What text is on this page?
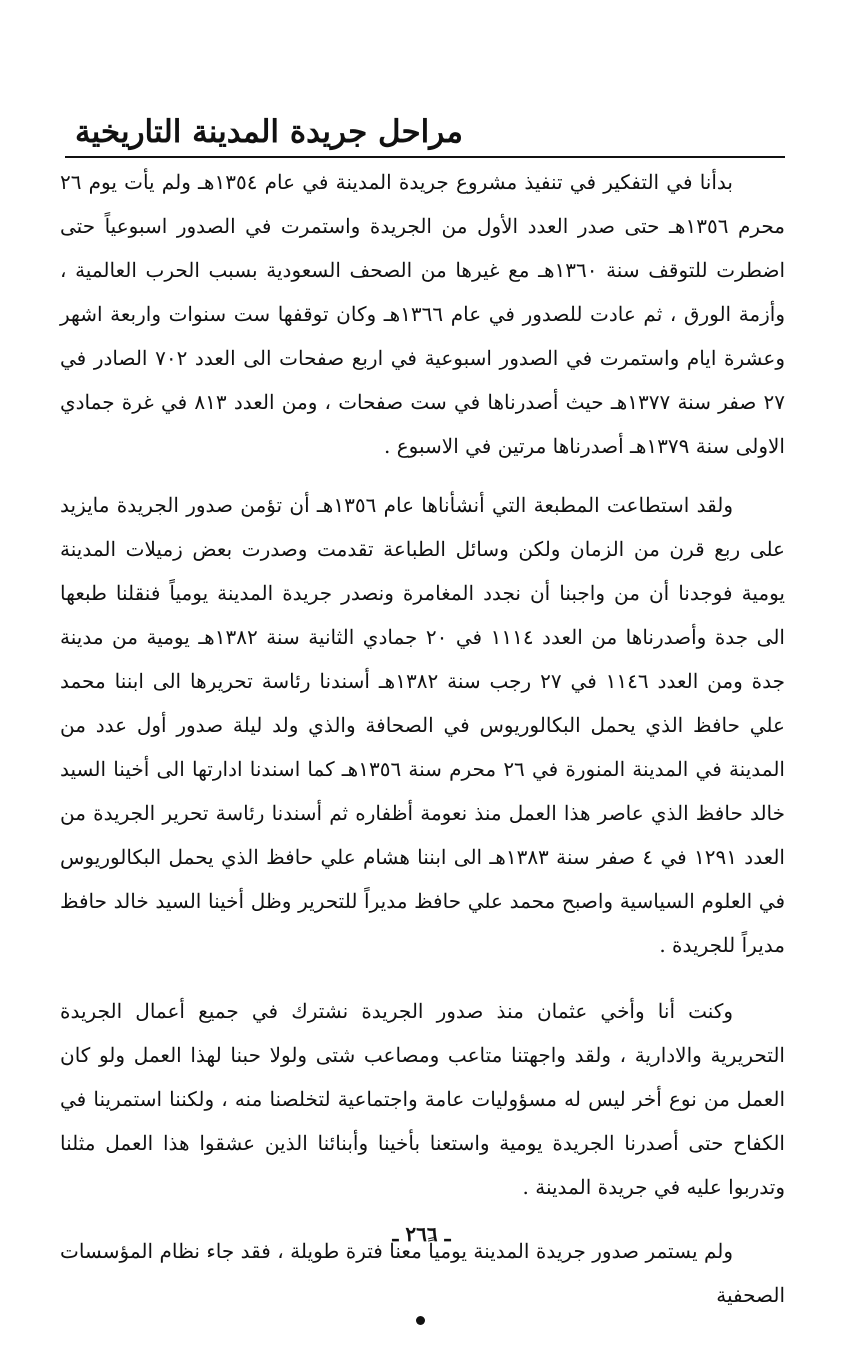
مراحل جريدة المدينة التاريخية

بدأنا في التفكير في تنفيذ مشروع جريدة المدينة في عام ١٣٥٤هـ ولم يأت يوم ٢٦ محرم ١٣٥٦هـ حتى صدر العدد الأول من الجريدة واستمرت في الصدور اسبوعياً حتى اضطرت للتوقف سنة ١٣٦٠هـ مع غيرها من الصحف السعودية بسبب الحرب العالمية ، وأزمة الورق ، ثم عادت للصدور في عام ١٣٦٦هـ وكان توقفها ست سنوات واربعة اشهر وعشرة ايام واستمرت في الصدور اسبوعية في اربع صفحات الى العدد ٧٠٢ الصادر في ٢٧ صفر سنة ١٣٧٧هـ حيث أصدرناها في ست صفحات ، ومن العدد ٨١٣ في غرة جمادي الاولى سنة ١٣٧٩هـ أصدرناها مرتين في الاسبوع .

ولقد استطاعت المطبعة التي أنشأناها عام ١٣٥٦هـ أن تؤمن صدور الجريدة مايزيد على ربع قرن من الزمان ولكن وسائل الطباعة تقدمت وصدرت بعض زميلات المدينة يومية فوجدنا أن من واجبنا أن نجدد المغامرة ونصدر جريدة المدينة يومياً فنقلنا طبعها الى جدة وأصدرناها من العدد ١١١٤ في ٢٠ جمادي الثانية سنة ١٣٨٢هـ يومية من مدينة جدة ومن العدد ١١٤٦ في ٢٧ رجب سنة ١٣٨٢هـ أسندنا رئاسة تحريرها الى ابننا محمد علي حافظ الذي يحمل البكالوريوس في الصحافة والذي ولد ليلة صدور أول عدد من المدينة في المدينة المنورة في ٢٦ محرم سنة ١٣٥٦هـ كما اسندنا ادارتها الى أخينا السيد خالد حافظ الذي عاصر هذا العمل منذ نعومة أظفاره ثم أسندنا رئاسة تحرير الجريدة من العدد ١٢٩١ في ٤ صفر سنة ١٣٨٣هـ الى ابننا هشام علي حافظ الذي يحمل البكالوريوس في العلوم السياسية واصبح محمد علي حافظ مديراً للتحرير وظل أخينا السيد خالد حافظ مديراً للجريدة .

وكنت أنا وأخي عثمان منذ صدور الجريدة نشترك في جميع أعمال الجريدة التحريرية والادارية ، ولقد واجهتنا متاعب ومصاعب شتى ولولا حبنا لهذا العمل ولو كان العمل من نوع أخر ليس له مسؤوليات عامة واجتماعية لتخلصنا منه ، ولكننا استمرينا في الكفاح حتى أصدرنا الجريدة يومية واستعنا بأخينا وأبنائنا الذين عشقوا هذا العمل مثلنا وتدربوا عليه في جريدة المدينة .

ولم يستمر صدور جريدة المدينة يومياً معنا فترة طويلة ، فقد جاء نظام المؤسسات الصحفية

ـ ٢٦٦ ـ
